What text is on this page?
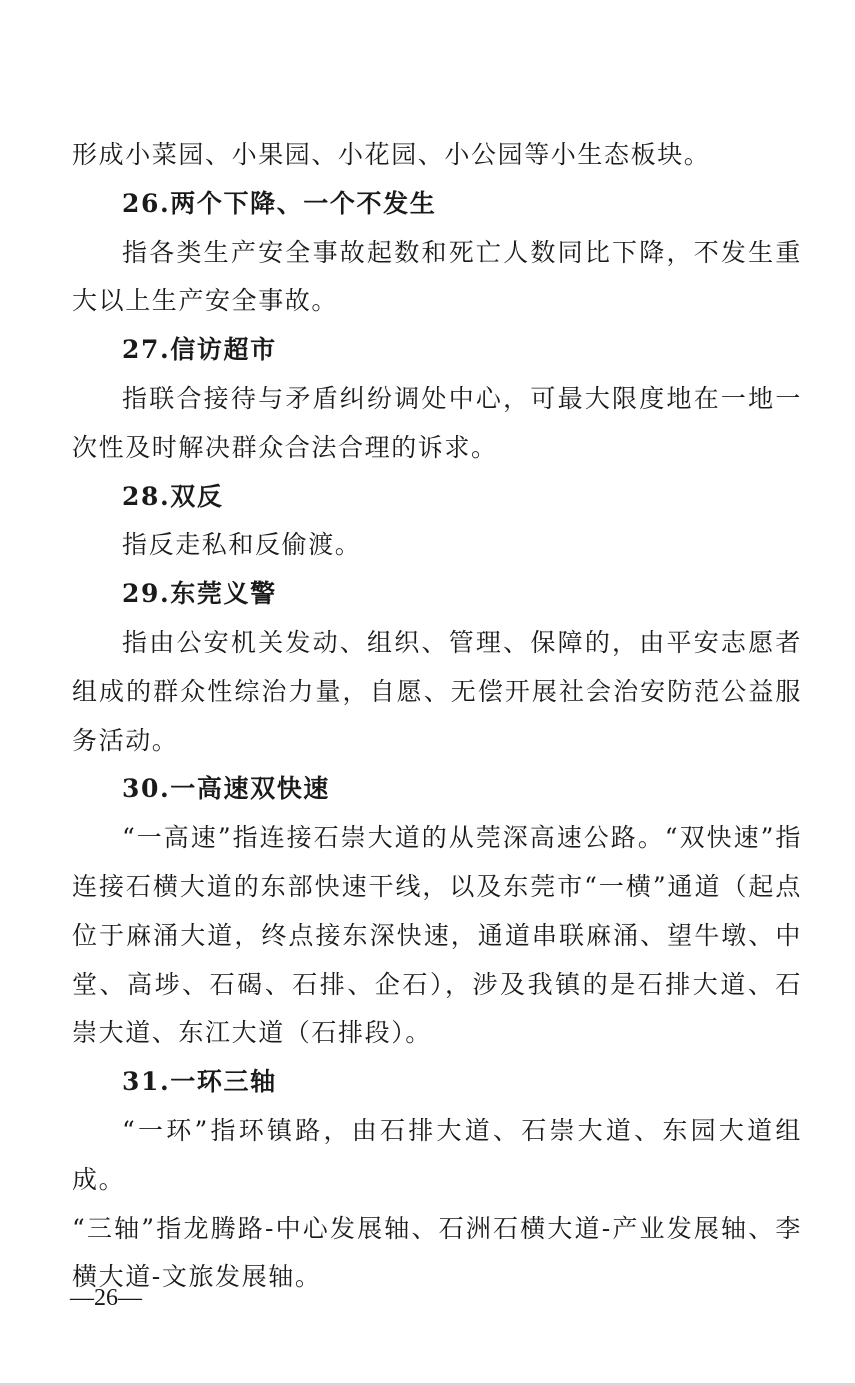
形成小菜园、小果园、小花园、小公园等小生态板块。

26.两个下降、一个不发生

指各类生产安全事故起数和死亡人数同比下降，不发生重大以上生产安全事故。

27.信访超市

指联合接待与矛盾纠纷调处中心，可最大限度地在一地一次性及时解决群众合法合理的诉求。

28.双反

指反走私和反偷渡。

29.东莞义警

指由公安机关发动、组织、管理、保障的，由平安志愿者组成的群众性综治力量，自愿、无偿开展社会治安防范公益服务活动。

30.一高速双快速

“一高速”指连接石崇大道的从莞深高速公路。“双快速”指连接石横大道的东部快速干线，以及东莞市“一横”通道（起点位于麻涌大道，终点接东深快速，通道串联麻涌、望牛墩、中堂、高埗、石碣、石排、企石），涉及我镇的是石排大道、石崇大道、东江大道（石排段）。

31.一环三轴

“一环”指环镇路，由石排大道、石崇大道、东园大道组成。

“三轴”指龙腾路-中心发展轴、石洲石横大道-产业发展轴、李横大道-文旅发展轴。

—26—
